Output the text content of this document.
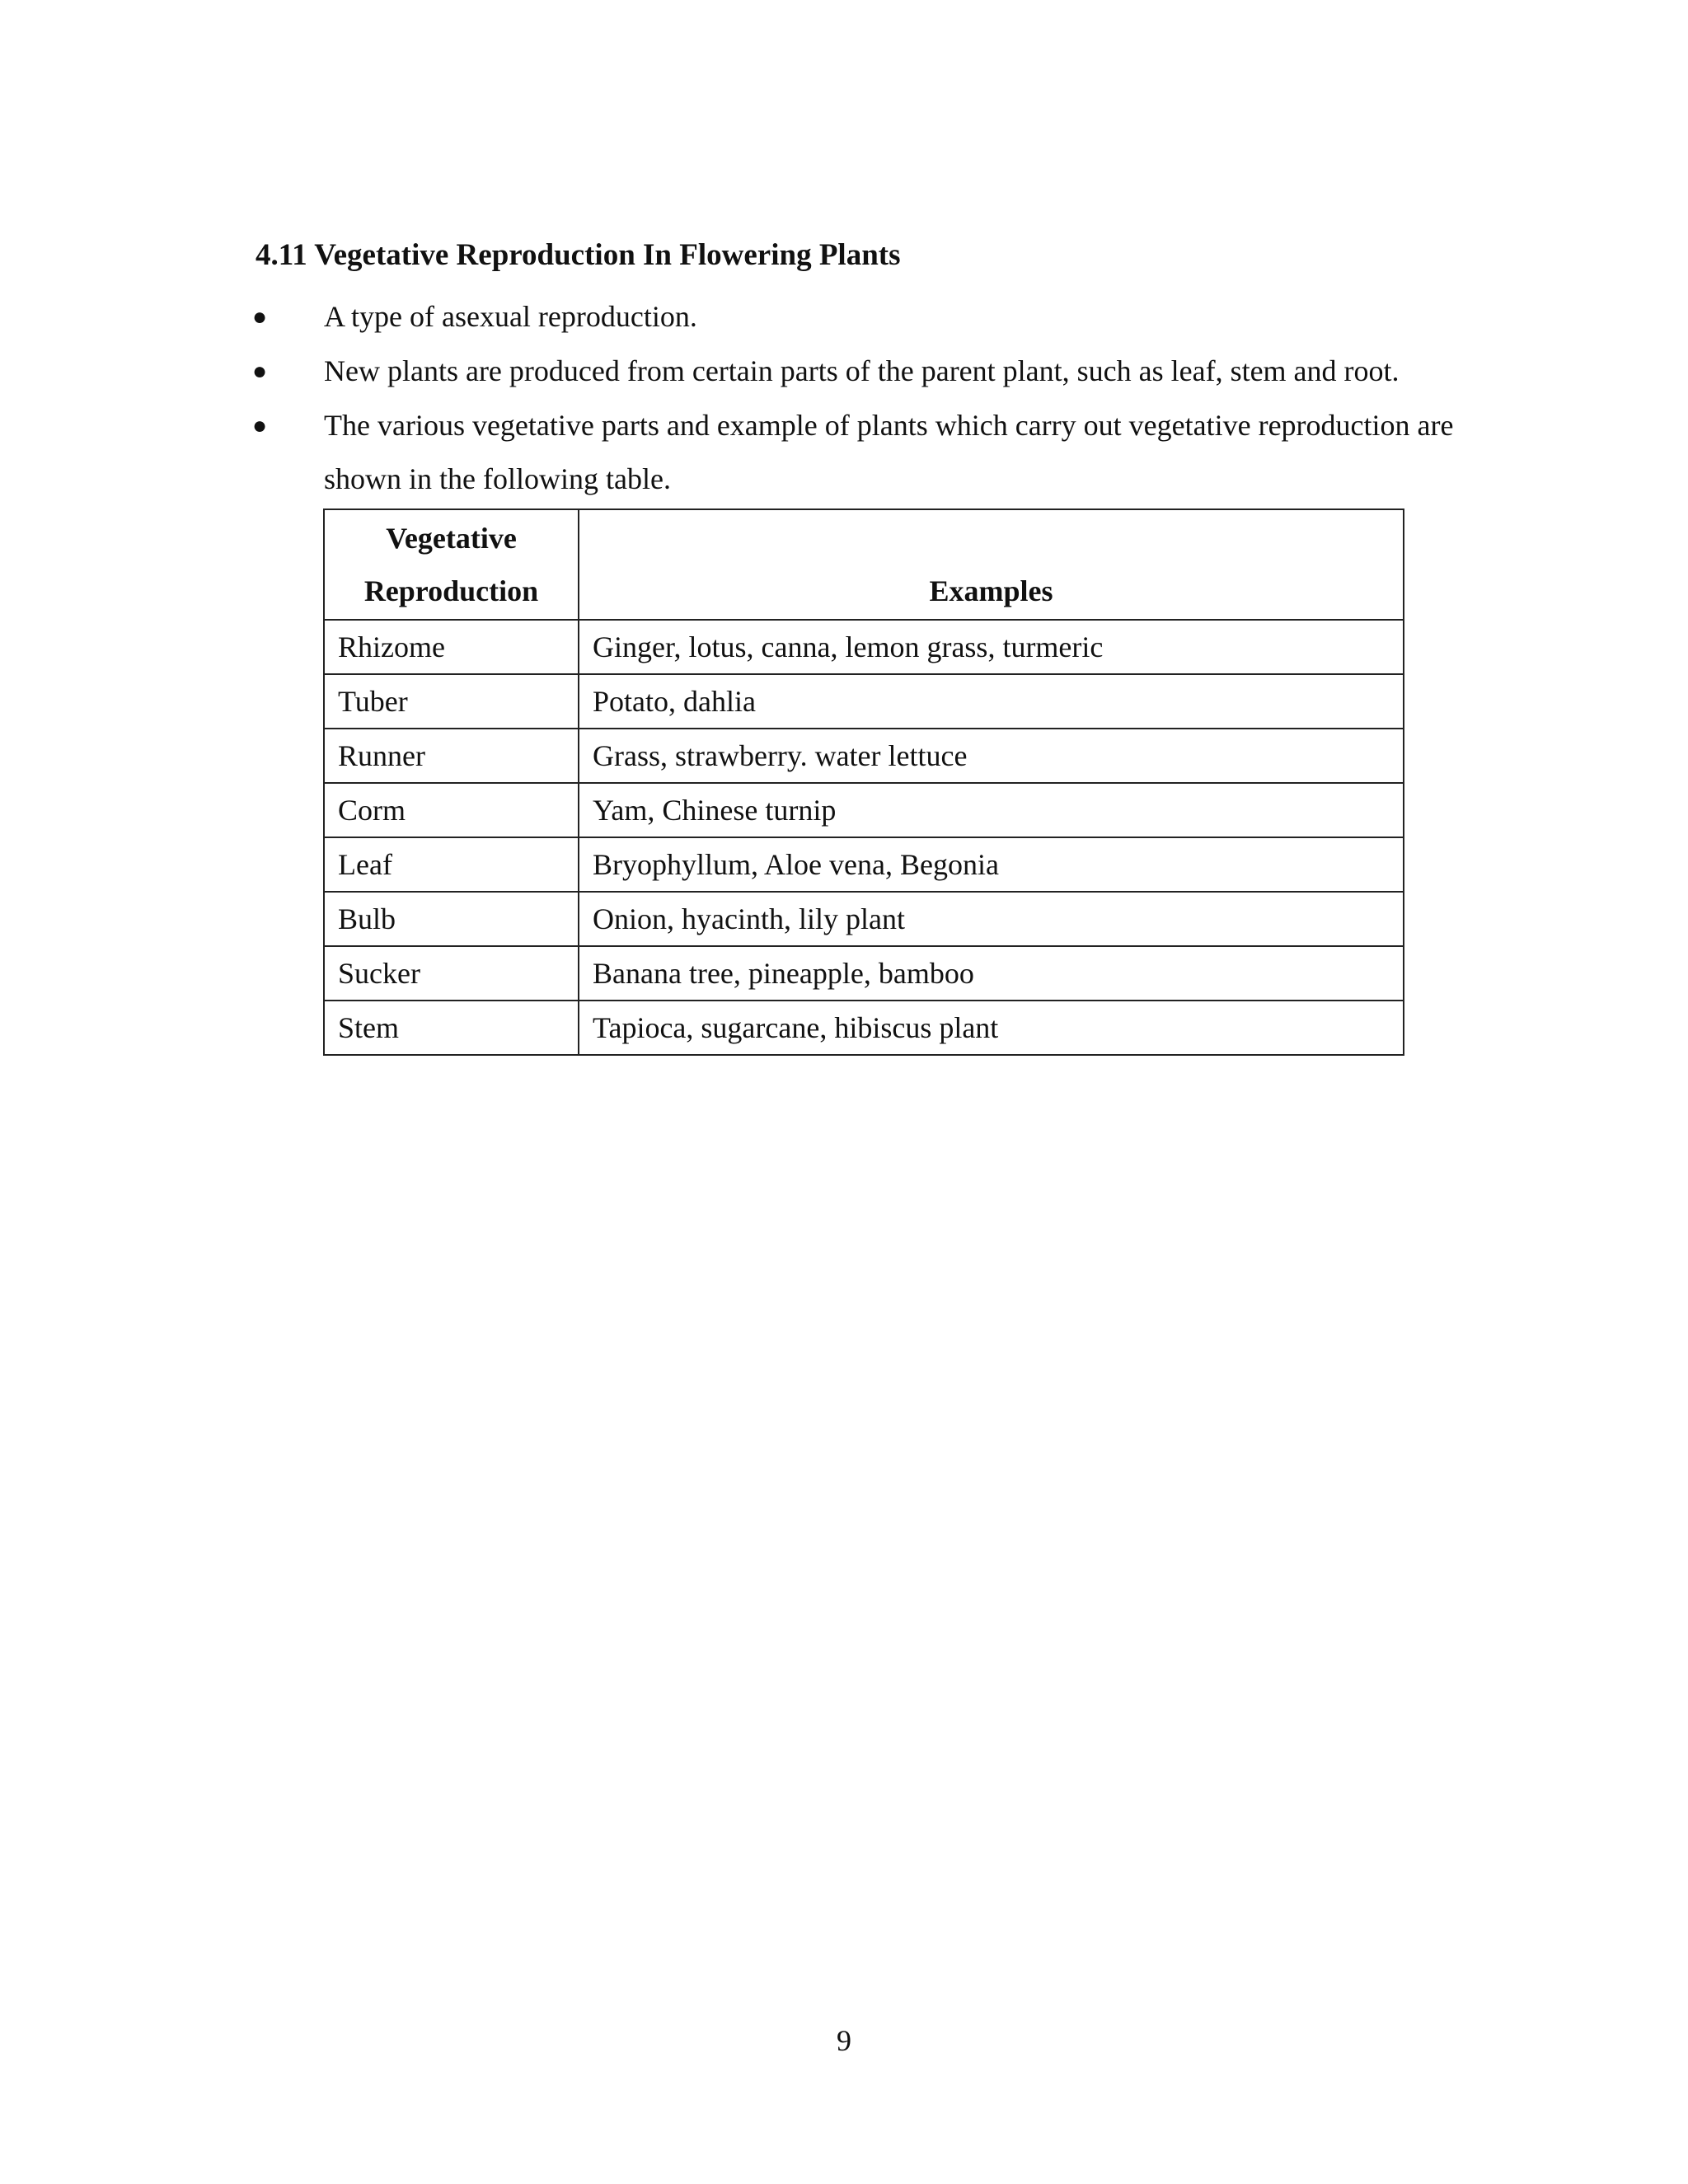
4.11 Vegetative Reproduction In Flowering Plants
● A type of asexual reproduction.
● New plants are produced from certain parts of the parent plant, such as leaf, stem and root.
● The various vegetative parts and example of plants which carry out vegetative reproduction are shown in the following table.
Vegetative
Reproduction	Examples
Rhizome	Ginger, lotus, canna, lemon grass, turmeric
Tuber	Potato, dahlia
Runner	Grass, strawberry. water lettuce
Corm	Yam, Chinese turnip
Leaf	Bryophyllum, Aloe vena, Begonia
Bulb	Onion, hyacinth, lily plant
Sucker	Banana tree, pineapple, bamboo
Stem	Tapioca, sugarcane, hibiscus plant
9
